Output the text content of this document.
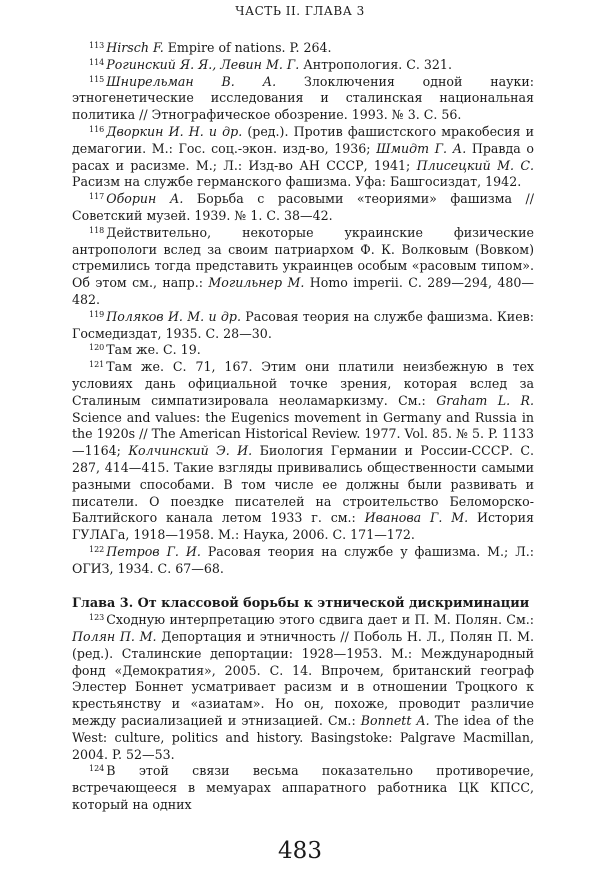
ЧАСТЬ II. ГЛАВА 3

$^{113}$ Hirsch F. Empire of nations. P. 264.

$^{114}$ Рогинский Я. Я., Левин М. Г. Антропология. С. 321.

$^{115}$ Шнирельман В. А. Злоключения одной науки: этногенетические исследования и сталинская национальная политика // Этнографическое обозрение. 1993. № 3. С. 56.

$^{116}$ Дворкин И. Н. и др. (ред.). Против фашистского мракобесия и демагогии. М.: Гос. соц.-экон. изд-во, 1936; Шмидт Г. А. Правда о расах и расизме. М.; Л.: Изд-во АН СССР, 1941; Плисецкий М. С. Расизм на службе германского фашизма. Уфа: Башгосиздат, 1942.

$^{117}$ Оборин А. Борьба с расовыми «теориями» фашизма // Советский музей. 1939. № 1. С. 38—42.

$^{118}$ Действительно, некоторые украинские физические антропологи вслед за своим патриархом Ф. К. Волковым (Вовком) стремились тогда представить украинцев особым «расовым типом». Об этом см., напр.: Могильнер М. Homo imperii. С. 289—294, 480—482.

$^{119}$ Поляков И. М. и др. Расовая теория на службе фашизма. Киев: Госмедиздат, 1935. С. 28—30.

$^{120}$ Там же. С. 19.

$^{121}$ Там же. С. 71, 167. Этим они платили неизбежную в тех условиях дань официальной точке зрения, которая вслед за Сталиным симпатизировала неоламаркизму. См.: Graham L. R. Science and values: the Eugenics movement in Germany and Russia in the 1920s // The American Historical Review. 1977. Vol. 85. № 5. P. 1133—1164; Колчинский Э. И. Биология Германии и России-СССР. С. 287, 414—415. Такие взгляды прививались общественности самыми разными способами. В том числе ее должны были развивать и писатели. О поездке писателей на строительство Беломорско-Балтийского канала летом 1933 г. см.: Иванова Г. М. История ГУЛАГа, 1918—1958. М.: Наука, 2006. С. 171—172.

$^{122}$ Петров Г. И. Расовая теория на службе у фашизма. М.; Л.: ОГИЗ, 1934. С. 67—68.

Глава 3. От классовой борьбы к этнической дискриминации

$^{123}$ Сходную интерпретацию этого сдвига дает и П. М. Полян. См.: Полян П. М. Депортация и этничность // Поболь Н. Л., Полян П. М. (ред.). Сталинские депортации: 1928—1953. М.: Международный фонд «Демократия», 2005. С. 14. Впрочем, британский географ Элестер Боннет усматривает расизм и в отношении Троцкого к крестьянству и «азиатам». Но он, похоже, проводит различие между расиализацией и этнизацией. См.: Bonnett A. The idea of the West: culture, politics and history. Basingstoke: Palgrave Macmillan, 2004. P. 52—53.

$^{124}$ В этой связи весьма показательно противоречие, встречающееся в мемуарах аппаратного работника ЦК КПСС, который на одних

483
